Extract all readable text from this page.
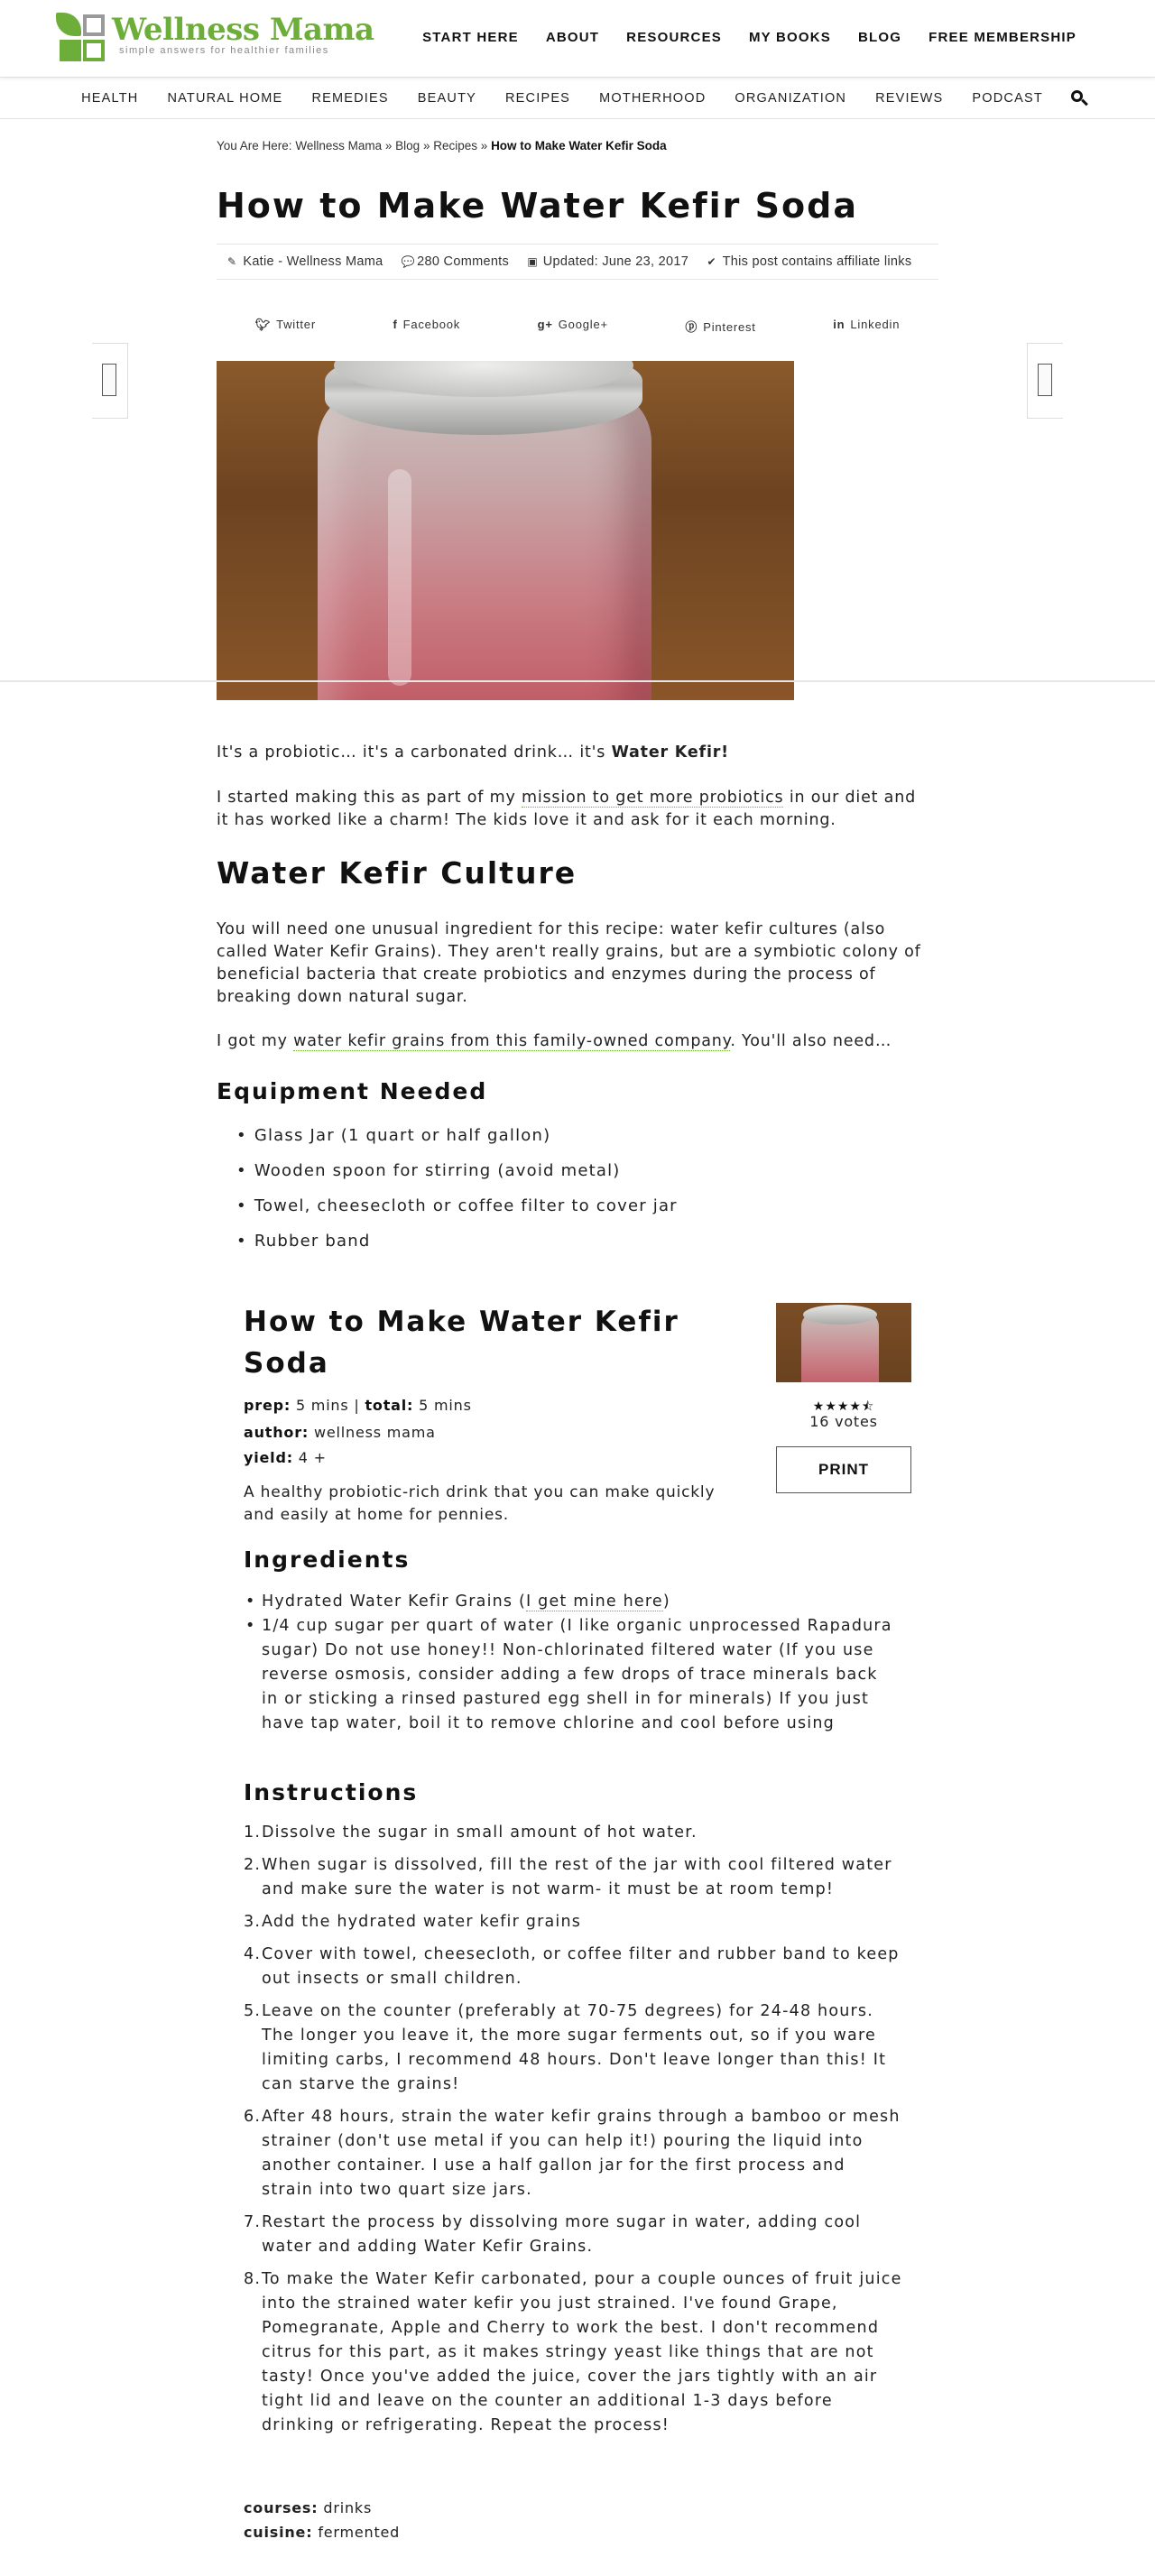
Wellness Mama
simple answers for healthier families
START HERE ABOUT RESOURCES MY BOOKS BLOG FREE MEMBERSHIP
HEALTH NATURAL HOME REMEDIES BEAUTY RECIPES MOTHERHOOD ORGANIZATION REVIEWS PODCAST
You Are Here: Wellness Mama » Blog » Recipes » How to Make Water Kefir Soda
How to Make Water Kefir Soda
✎ Katie - Wellness Mama 💬 280 Comments ▣ Updated: June 23, 2017 ✔ This post contains affiliate links
🐦︎ Twitter	f Facebook	g+ Google+	ⓟ Pinterest	in Linkedin

It's a probiotic… it's a carbonated drink… it's Water Kefir!

I started making this as part of my mission to get more probiotics in our diet and it has worked like a charm! The kids love it and ask for it each morning.

Water Kefir Culture

You will need one unusual ingredient for this recipe: water kefir cultures (also called Water Kefir Grains). They aren't really grains, but are a symbiotic colony of beneficial bacteria that create probiotics and enzymes during the process of breaking down natural sugar.

I got my water kefir grains from this family-owned company. You'll also need…

Equipment Needed
• Glass Jar (1 quart or half gallon)
• Wooden spoon for stirring (avoid metal)
• Towel, cheesecloth or coffee filter to cover jar
• Rubber band
How to Make Water Kefir Soda
★★★★⯪
16 votes
PRINT
prep: 5 mins | total: 5 mins
author: wellness mama
yield: 4 +
A healthy probiotic-rich drink that you can make quickly and easily at home for pennies.
Ingredients
• Hydrated Water Kefir Grains (I get mine here)
• 1/4 cup sugar per quart of water (I like organic unprocessed Rapadura sugar) Do not use honey!! Non-chlorinated filtered water (If you use reverse osmosis, consider adding a few drops of trace minerals back in or sticking a rinsed pastured egg shell in for minerals) If you just have tap water, boil it to remove chlorine and cool before using
Instructions
1. Dissolve the sugar in small amount of hot water.
2. When sugar is dissolved, fill the rest of the jar with cool filtered water and make sure the water is not warm- it must be at room temp!
3. Add the hydrated water kefir grains
4. Cover with towel, cheesecloth, or coffee filter and rubber band to keep out insects or small children.
5. Leave on the counter (preferably at 70-75 degrees) for 24-48 hours. The longer you leave it, the more sugar ferments out, so if you ware limiting carbs, I recommend 48 hours. Don't leave longer than this! It can starve the grains!
6. After 48 hours, strain the water kefir grains through a bamboo or mesh strainer (don't use metal if you can help it!) pouring the liquid into another container. I use a half gallon jar for the first process and strain into two quart size jars.
7. Restart the process by dissolving more sugar in water, adding cool water and adding Water Kefir Grains.
8. To make the Water Kefir carbonated, pour a couple ounces of fruit juice into the strained water kefir you just strained. I've found Grape, Pomegranate, Apple and Cherry to work the best. I don't recommend citrus for this part, as it makes stringy yeast like things that are not tasty! Once you've added the juice, cover the jars tightly with an air tight lid and leave on the counter an additional 1-3 days before drinking or refrigerating. Repeat the process!
courses: drinks
cuisine: fermented
